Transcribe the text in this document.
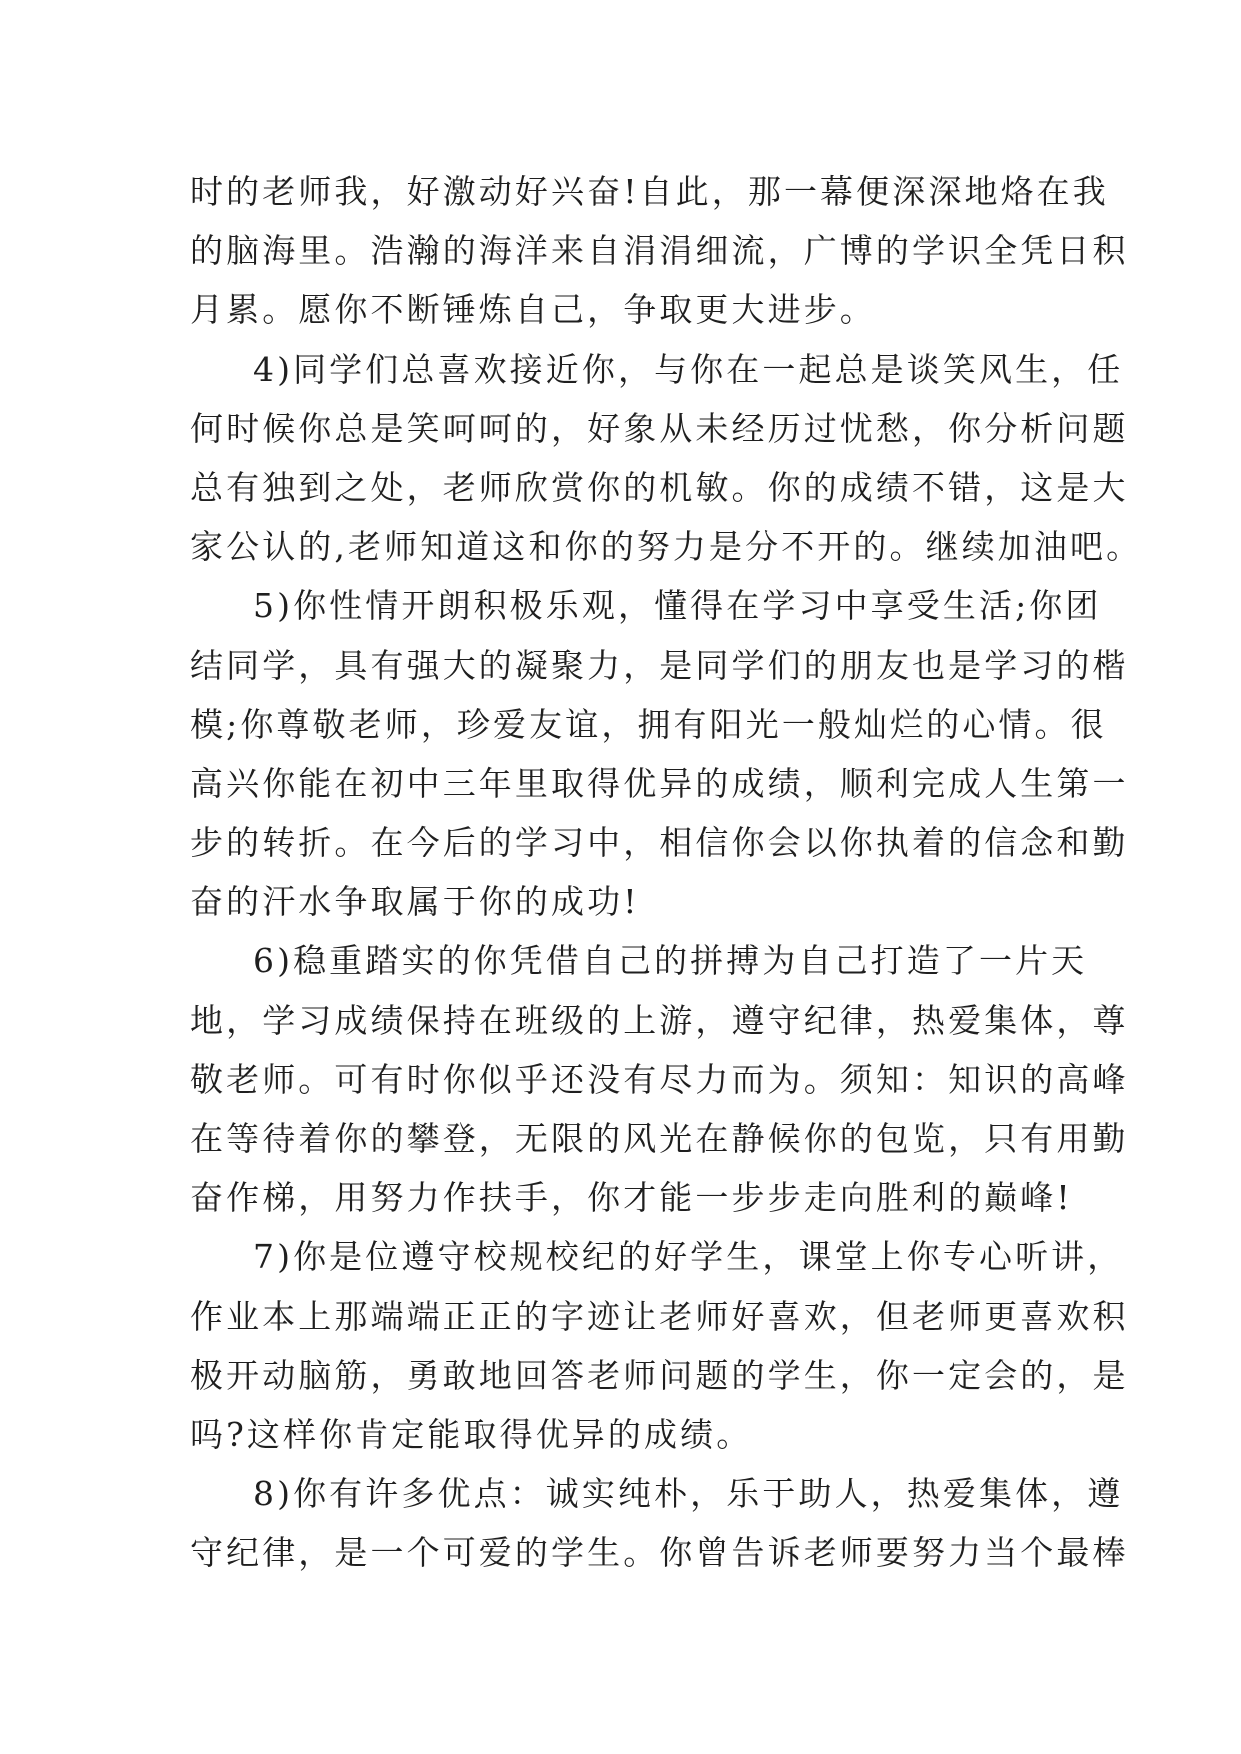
时的老师我，好激动好兴奋!自此，那一幕便深深地烙在我
的脑海里。浩瀚的海洋来自涓涓细流，广博的学识全凭日积
月累。愿你不断锤炼自己，争取更大进步。
4)同学们总喜欢接近你，与你在一起总是谈笑风生，任
何时候你总是笑呵呵的，好象从未经历过忧愁，你分析问题
总有独到之处，老师欣赏你的机敏。你的成绩不错，这是大
家公认的,老师知道这和你的努力是分不开的。继续加油吧。
5)你性情开朗积极乐观，懂得在学习中享受生活;你团
结同学，具有强大的凝聚力，是同学们的朋友也是学习的楷
模;你尊敬老师，珍爱友谊，拥有阳光一般灿烂的心情。很
高兴你能在初中三年里取得优异的成绩，顺利完成人生第一
步的转折。在今后的学习中，相信你会以你执着的信念和勤
奋的汗水争取属于你的成功!
6)稳重踏实的你凭借自己的拼搏为自己打造了一片天
地，学习成绩保持在班级的上游，遵守纪律，热爱集体，尊
敬老师。可有时你似乎还没有尽力而为。须知：知识的高峰
在等待着你的攀登，无限的风光在静候你的包览，只有用勤
奋作梯，用努力作扶手，你才能一步步走向胜利的巅峰!
7)你是位遵守校规校纪的好学生，课堂上你专心听讲，
作业本上那端端正正的字迹让老师好喜欢，但老师更喜欢积
极开动脑筋，勇敢地回答老师问题的学生，你一定会的，是
吗?这样你肯定能取得优异的成绩。
8)你有许多优点：诚实纯朴，乐于助人，热爱集体，遵
守纪律，是一个可爱的学生。你曾告诉老师要努力当个最棒
